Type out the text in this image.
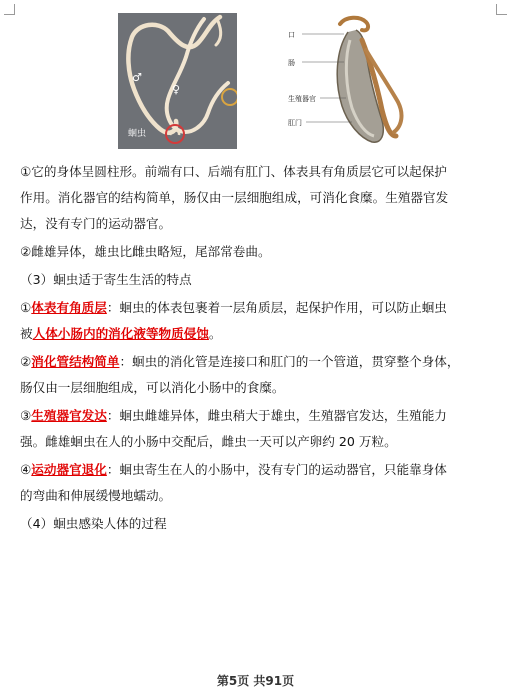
♂
♀
蛔虫
口
肠
生殖器官
肛门

①它的身体呈圆柱形。前端有口、后端有肛门、体表具有角质层它可以起保护

作用。消化器官的结构简单，肠仅由一层细胞组成，可消化食糜。生殖器官发

达，没有专门的运动器官。

②雌雄异体，雄虫比雌虫略短，尾部常卷曲。

（3）蛔虫适于寄生生活的特点

①体表有角质层：蛔虫的体表包裹着一层角质层，起保护作用，可以防止蛔虫

被人体小肠内的消化液等物质侵蚀。

②消化管结构简单：蛔虫的消化管是连接口和肛门的一个管道，贯穿整个身体，

肠仅由一层细胞组成，可以消化小肠中的食糜。

③生殖器官发达：蛔虫雌雄异体，雌虫稍大于雄虫，生殖器官发达，生殖能力

强。雌雄蛔虫在人的小肠中交配后，雌虫一天可以产卵约 20 万粒。

④运动器官退化：蛔虫寄生在人的小肠中，没有专门的运动器官，只能靠身体

的弯曲和伸展缓慢地蠕动。

（4）蛔虫感染人体的过程

第5页 共91页
